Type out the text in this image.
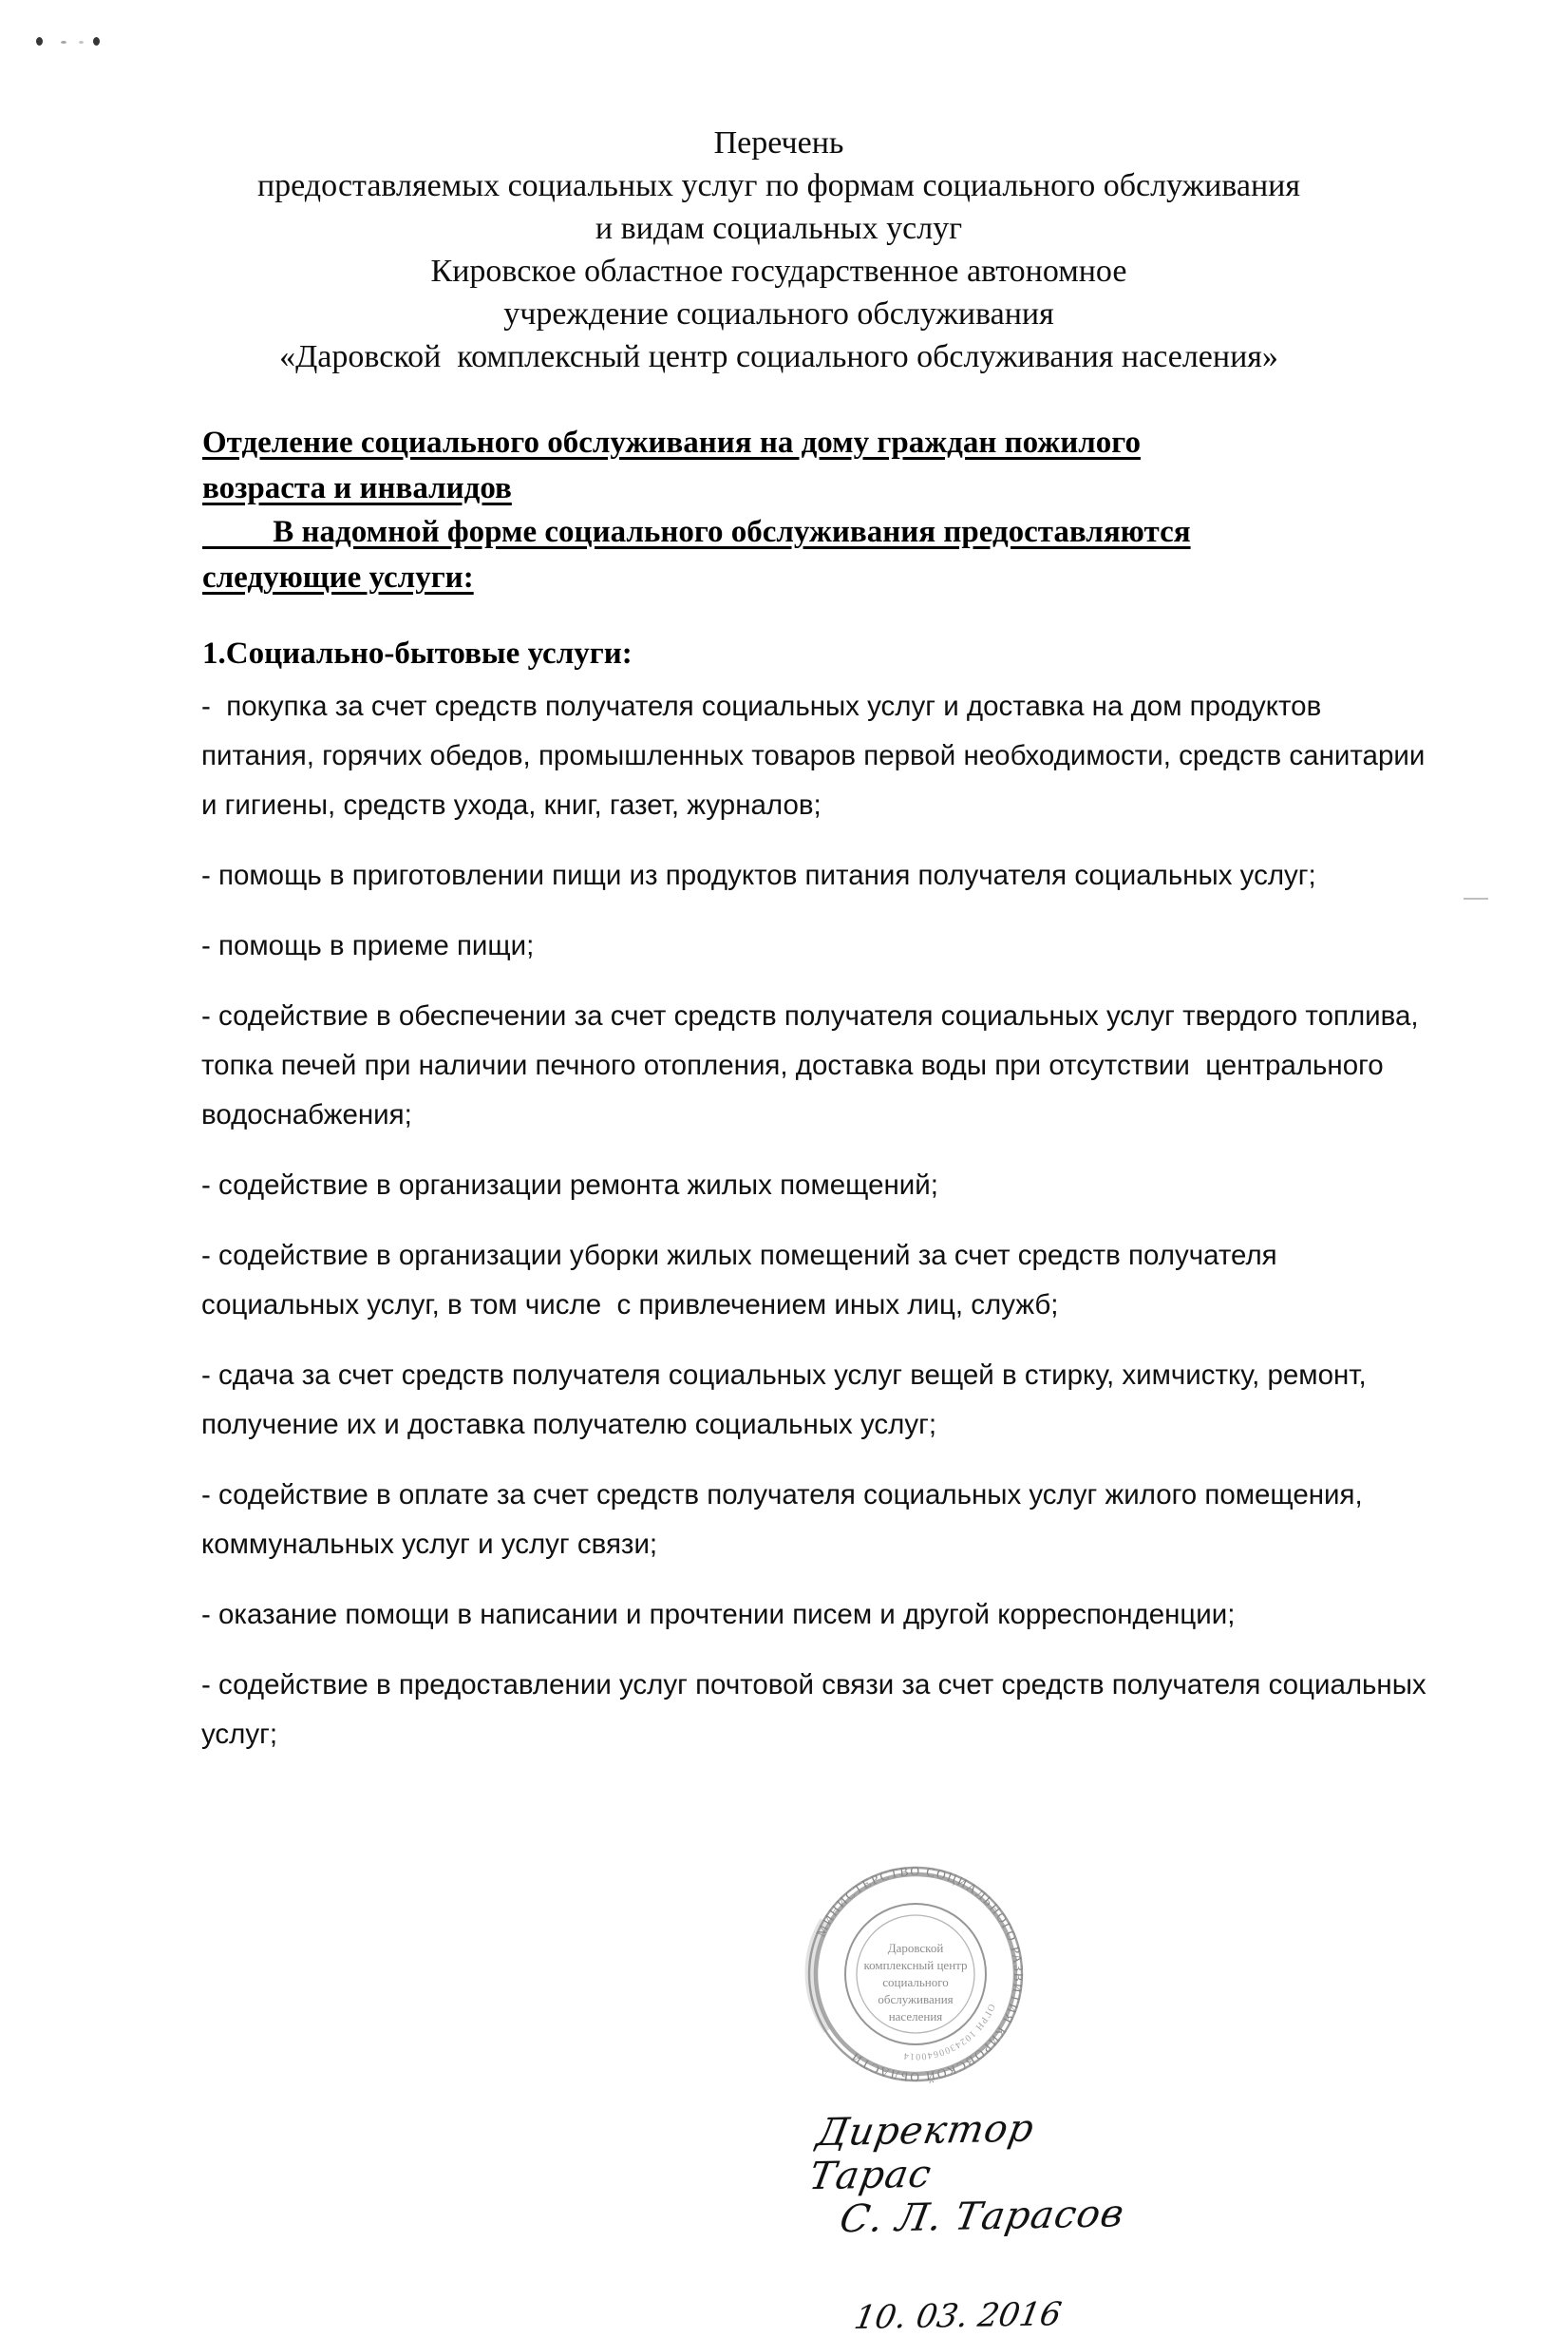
Перечень
предоставляемых социальных услуг по формам социального обслуживания
и видам социальных услуг
Кировское областное государственное автономное
учреждение социального обслуживания
«Даровской  комплексный центр социального обслуживания населения»
Отделение социального обслуживания на дому граждан пожилого
возраста и инвалидов
В надомной форме социального обслуживания предоставляются
следующие услуги:
1.Социально-бытовые услуги:

-  покупка за счет средств получателя социальных услуг и доставка на дом продуктов питания, горячих обедов, промышленных товаров первой необходимости, средств санитарии и гигиены, средств ухода, книг, газет, журналов;

- помощь в приготовлении пищи из продуктов питания получателя социальных услуг;

- помощь в приеме пищи;

- содействие в обеспечении за счет средств получателя социальных услуг твердого топлива, топка печей при наличии печного отопления, доставка воды при отсутствии  центрального водоснабжения;

- содействие в организации ремонта жилых помещений;

- содействие в организации уборки жилых помещений за счет средств получателя социальных услуг, в том числе  с привлечением иных лиц, служб;

- сдача за счет средств получателя социальных услуг вещей в стирку, химчистку, ремонт, получение их и доставка получателю социальных услуг;

- содействие в оплате за счет средств получателя социальных услуг жилого помещения, коммунальных услуг и услуг связи;

- оказание помощи в написании и прочтении писем и другой корреспонденции;

- содействие в предоставлении услуг почтовой связи за счет средств получателя социальных услуг;

МИНИСТЕРСТВО СОЦИАЛЬНОГО РАЗВИТИЯ КИРОВСКОЙ ОБЛАСТИ
ОГРН 1024300640014
Даровской
комплексный центр
социального
обслуживания
населения

Директор
Тарас
С. Л. Тарасов

10. 03. 2016
